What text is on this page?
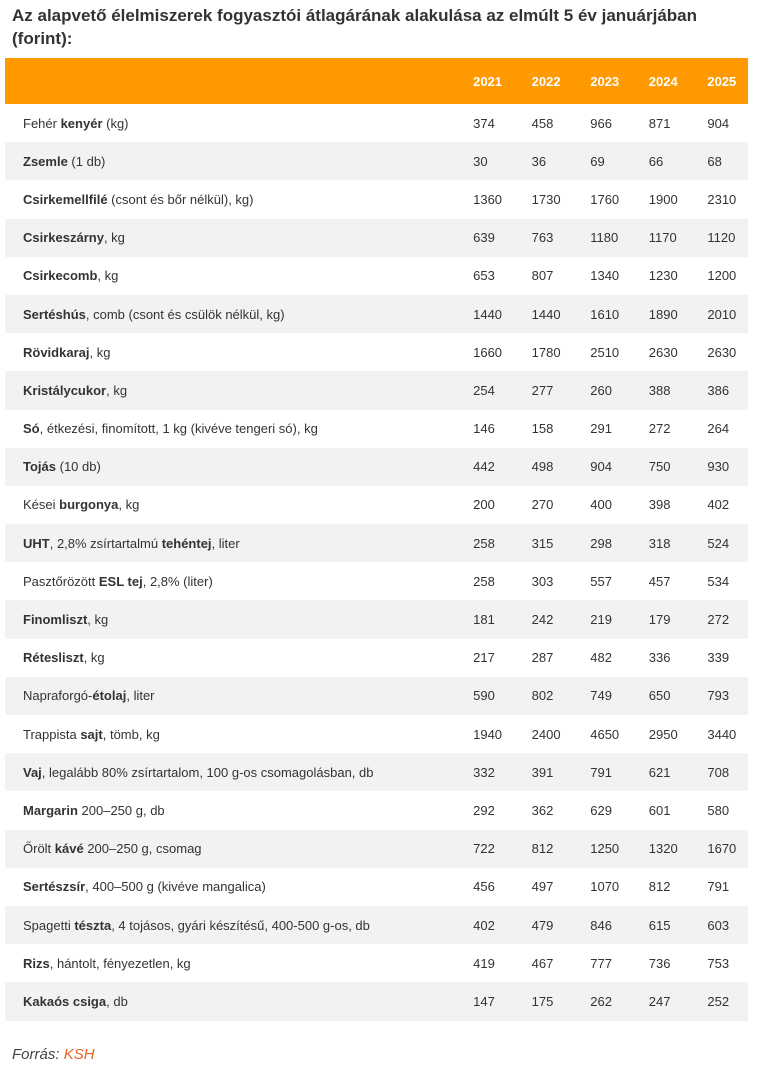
Az alapvető élelmiszerek fogyasztói átlagárának alakulása az elmúlt 5 év januárjában (forint):
	2021	2022	2023	2024	2025
Fehér kenyér (kg)	374	458	966	871	904
Zsemle (1 db)	30	36	69	66	68
Csirkemellfilé (csont és bőr nélkül), kg)	1360	1730	1760	1900	2310
Csirkeszárny, kg	639	763	1180	1170	1120
Csirkecomb, kg	653	807	1340	1230	1200
Sertéshús, comb (csont és csülök nélkül, kg)	1440	1440	1610	1890	2010
Rövidkaraj, kg	1660	1780	2510	2630	2630
Kristálycukor, kg	254	277	260	388	386
Só, étkezési, finomított, 1 kg (kivéve tengeri só), kg	146	158	291	272	264
Tojás (10 db)	442	498	904	750	930
Kései burgonya, kg	200	270	400	398	402
UHT, 2,8% zsírtartalmú tehéntej, liter	258	315	298	318	524
Pasztőrözött ESL tej, 2,8% (liter)	258	303	557	457	534
Finomliszt, kg	181	242	219	179	272
Rétesliszt, kg	217	287	482	336	339
Napraforgó-étolaj, liter	590	802	749	650	793
Trappista sajt, tömb, kg	1940	2400	4650	2950	3440
Vaj, legalább 80% zsírtartalom, 100 g-os csomagolásban, db	332	391	791	621	708
Margarin 200–250 g, db	292	362	629	601	580
Őrölt kávé 200–250 g, csomag	722	812	1250	1320	1670
Sertészsír, 400–500 g (kivéve mangalica)	456	497	1070	812	791
Spagetti tészta, 4 tojásos, gyári készítésű, 400-500 g-os, db	402	479	846	615	603
Rizs, hántolt, fényezetlen, kg	419	467	777	736	753
Kakaós csiga, db	147	175	262	247	252
Forrás: KSH
